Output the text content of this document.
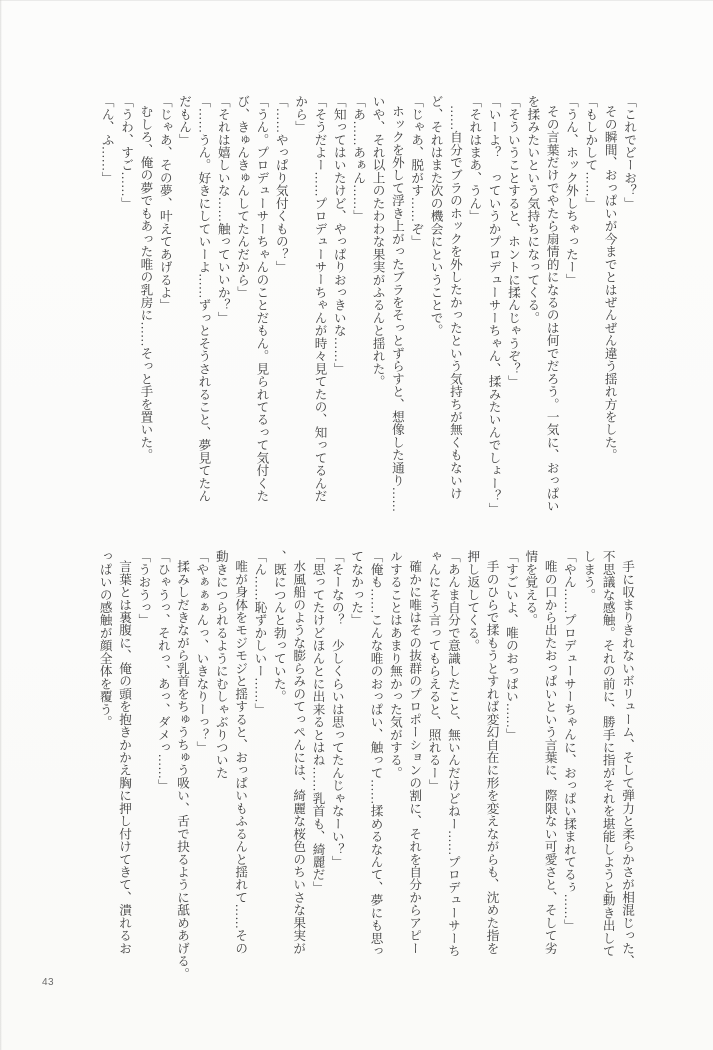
「これでどーお？」

その瞬間、おっぱいが今までとはぜんぜん違う揺れ方をした。

「もしかして……」

「うん、ホック外しちゃったー」

その言葉だけでやたら扇情的になるのは何でだろう。一気に、おっぱい

を揉みたいという気持ちになってくる。

「そういうことすると、ホントに揉んじゃうぞ？」

「いーよ？　っていうかプロデューサーちゃん、揉みたいんでしょー？」

「それはまあ、うん」

……自分でブラのホックを外したかったという気持ちが無くもないけ

ど、それはまた次の機会にということで。

「じゃあ、脱がす……ぞ」

ホックを外して浮き上がったブラをそっとずらすと、想像した通り……

いや、それ以上のたわわな果実がふるんと揺れた。

「あ……あぁん……」

「知ってはいたけど、やっぱりおっきいな……」

「そうだよー……プロデューサーちゃんが時々見てたの、知ってるんだ

から」

「……やっぱり気付くもの？」

「うん。プロデューサーちゃんのことだもん。見られてるって気付くた

び、きゅんきゅんしてたんだから」

「それは嬉しいな……触っていいか？」

「……うん。好きにしていーよ……ずっとそうされること、夢見てたん

だもん」

「じゃあ、その夢、叶えてあげるよ」

むしろ、俺の夢でもあった唯の乳房に……そっと手を置いた。

「うわ、すご……」

「ん、ふ……」

手に収まりきれないボリューム、そして弾力と柔らかさが相混じった、

不思議な感触。それの前に、勝手に指がそれを堪能しようと動き出して

しまう。

「やん……プロデューサーちゃんに、おっぱい揉まれてるぅ……」

唯の口から出たおっぱいという言葉に、際限ない可愛さと、そして劣

情を覚える。

「すごいよ、唯のおっぱい……」

手のひらで揉もうとすれば変幻自在に形を変えながらも、沈めた指を

押し返してくる。

「あんま自分で意識したこと、無いんだけどねー……プロデューサーち

ゃんにそう言ってもらえると、照れるー」

確かに唯はその抜群のプロポーションの割に、それを自分からアピー

ルすることはあまり無かった気がする。

「俺も……こんな唯のおっぱい、触って……揉めるなんて、夢にも思っ

てなかった」

「そーなの？　少しくらいは思ってたんじゃなーい？」

「思ってたけどほんとに出来るとはね……乳首も、綺麗だ」

水風船のような膨らみのてっぺんには、綺麗な桜色のちいさな果実が

、既につんと勃っていた。

「ん……恥ずかしいー……」

唯が身体をモジモジと揺すると、おっぱいもふるんと揺れて……その

動きにつられるようにむしゃぶりついた

「やぁぁぁんっ、いきなりーっ？」

揉みしだきながら乳首をちゅうちゅう吸い、舌で抉るように舐めあげる。

「ひゃうっ、それっ、あっ、ダメっ……」

「うおうっ」

言葉とは裏腹に、俺の頭を抱きかかえ胸に押し付けてきて、潰れるお

っぱいの感触が顔全体を覆う。

43
